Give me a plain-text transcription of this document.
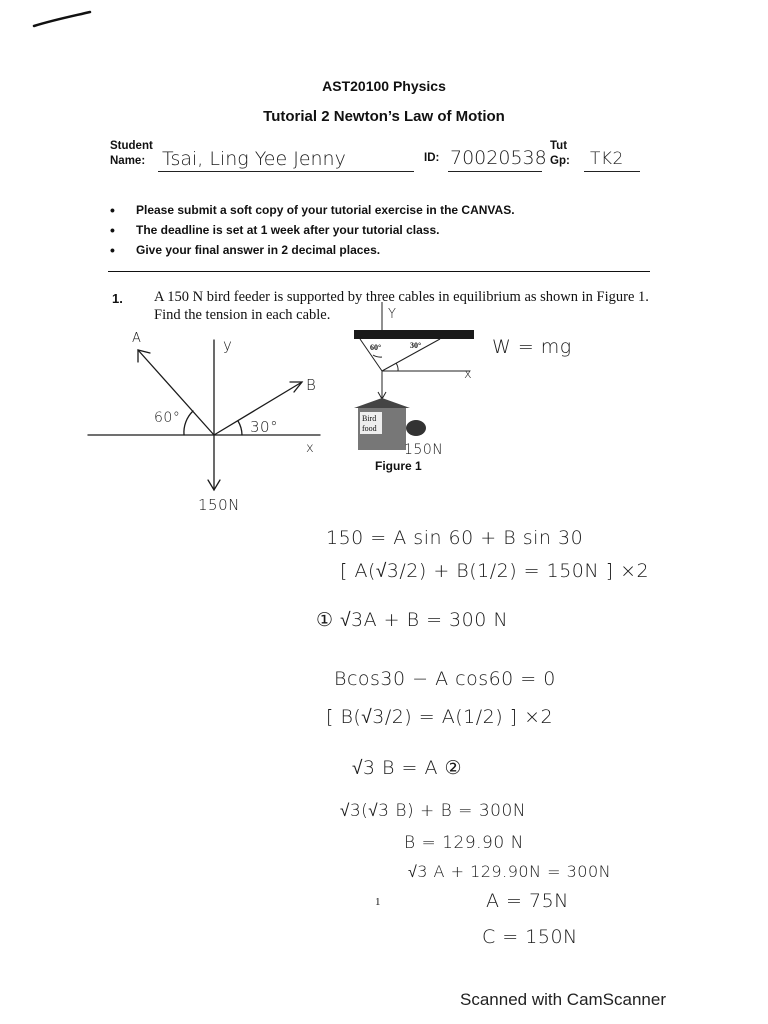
AST20100 Physics
Tutorial 2 Newton’s Law of Motion
Student
Name: Tsai, Ling Yee Jenny	ID: 70020538
Tut
Gp: TK2
• Please submit a soft copy of your tutorial exercise in the CANVAS.
• The deadline is set at 1 week after your tutorial class.
• Give your final answer in 2 decimal places.
1. A 150 N bird feeder is supported by three cables in equilibrium as shown in Figure 1. Find the tension in each cable.
A	y
B
x
60°	30°
150N
Bird
food
Y
x
60°	30°
150N
Figure 1
W = mg
150 = A sin 60 + B sin 30
[ A(√3/2) + B(1/2) = 150N ] ×2
① √3A + B = 300 N
Bcos30 − A cos60 = 0
[ B(√3/2) = A(1/2) ] ×2
√3 B = A ②
√3(√3 B) + B = 300N
B = 129.90 N
√3 A + 129.90N = 300N
A = 75N
C = 150N
1
Scanned with CamScanner
